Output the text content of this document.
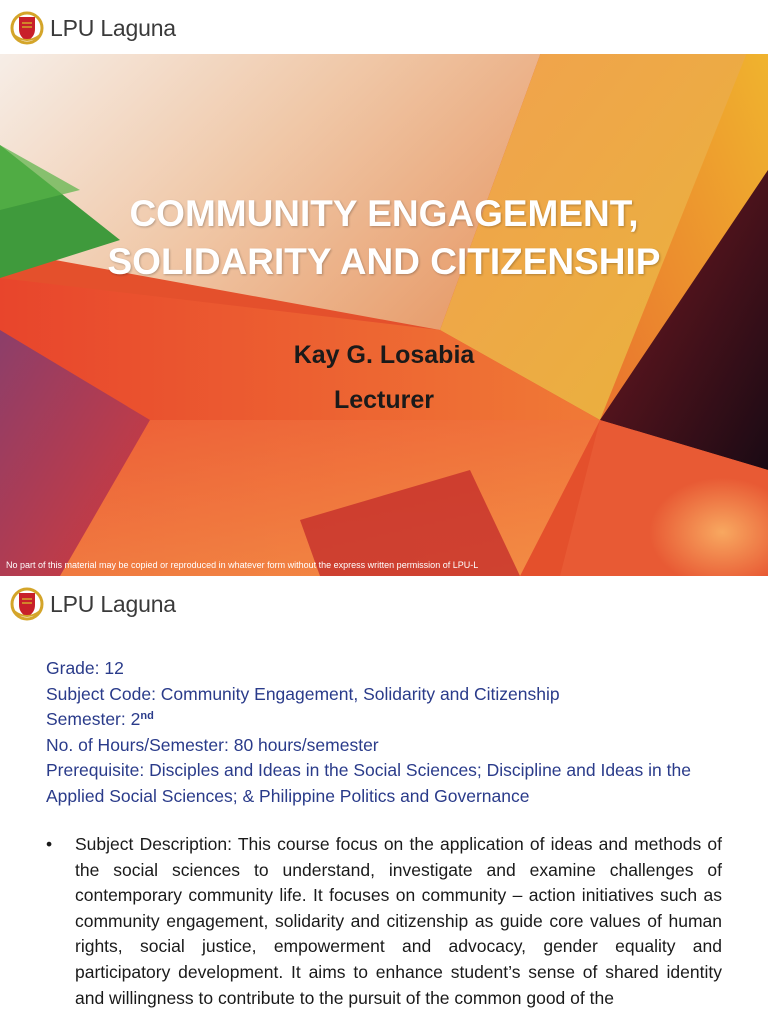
LPU Laguna
COMMUNITY ENGAGEMENT,
SOLIDARITY AND CITIZENSHIP
Kay G. Losabia
Lecturer
No part of this material may be copied or reproduced in whatever form without the express written permission of LPU-L
LPU Laguna
Grade: 12
Subject Code: Community Engagement, Solidarity and Citizenship
Semester: 2nd
No. of Hours/Semester: 80 hours/semester
Prerequisite: Disciples and Ideas in the Social Sciences; Discipline and Ideas in the Applied Social Sciences; & Philippine Politics and Governance
• Subject Description: This course focus on the application of ideas and methods of the social sciences to understand, investigate and examine challenges of contemporary community life. It focuses on community – action initiatives such as community engagement, solidarity and citizenship as guide core values of human rights, social justice, empowerment and advocacy, gender equality and participatory development. It aims to enhance student’s sense of shared identity and willingness to contribute to the pursuit of the common good of the
